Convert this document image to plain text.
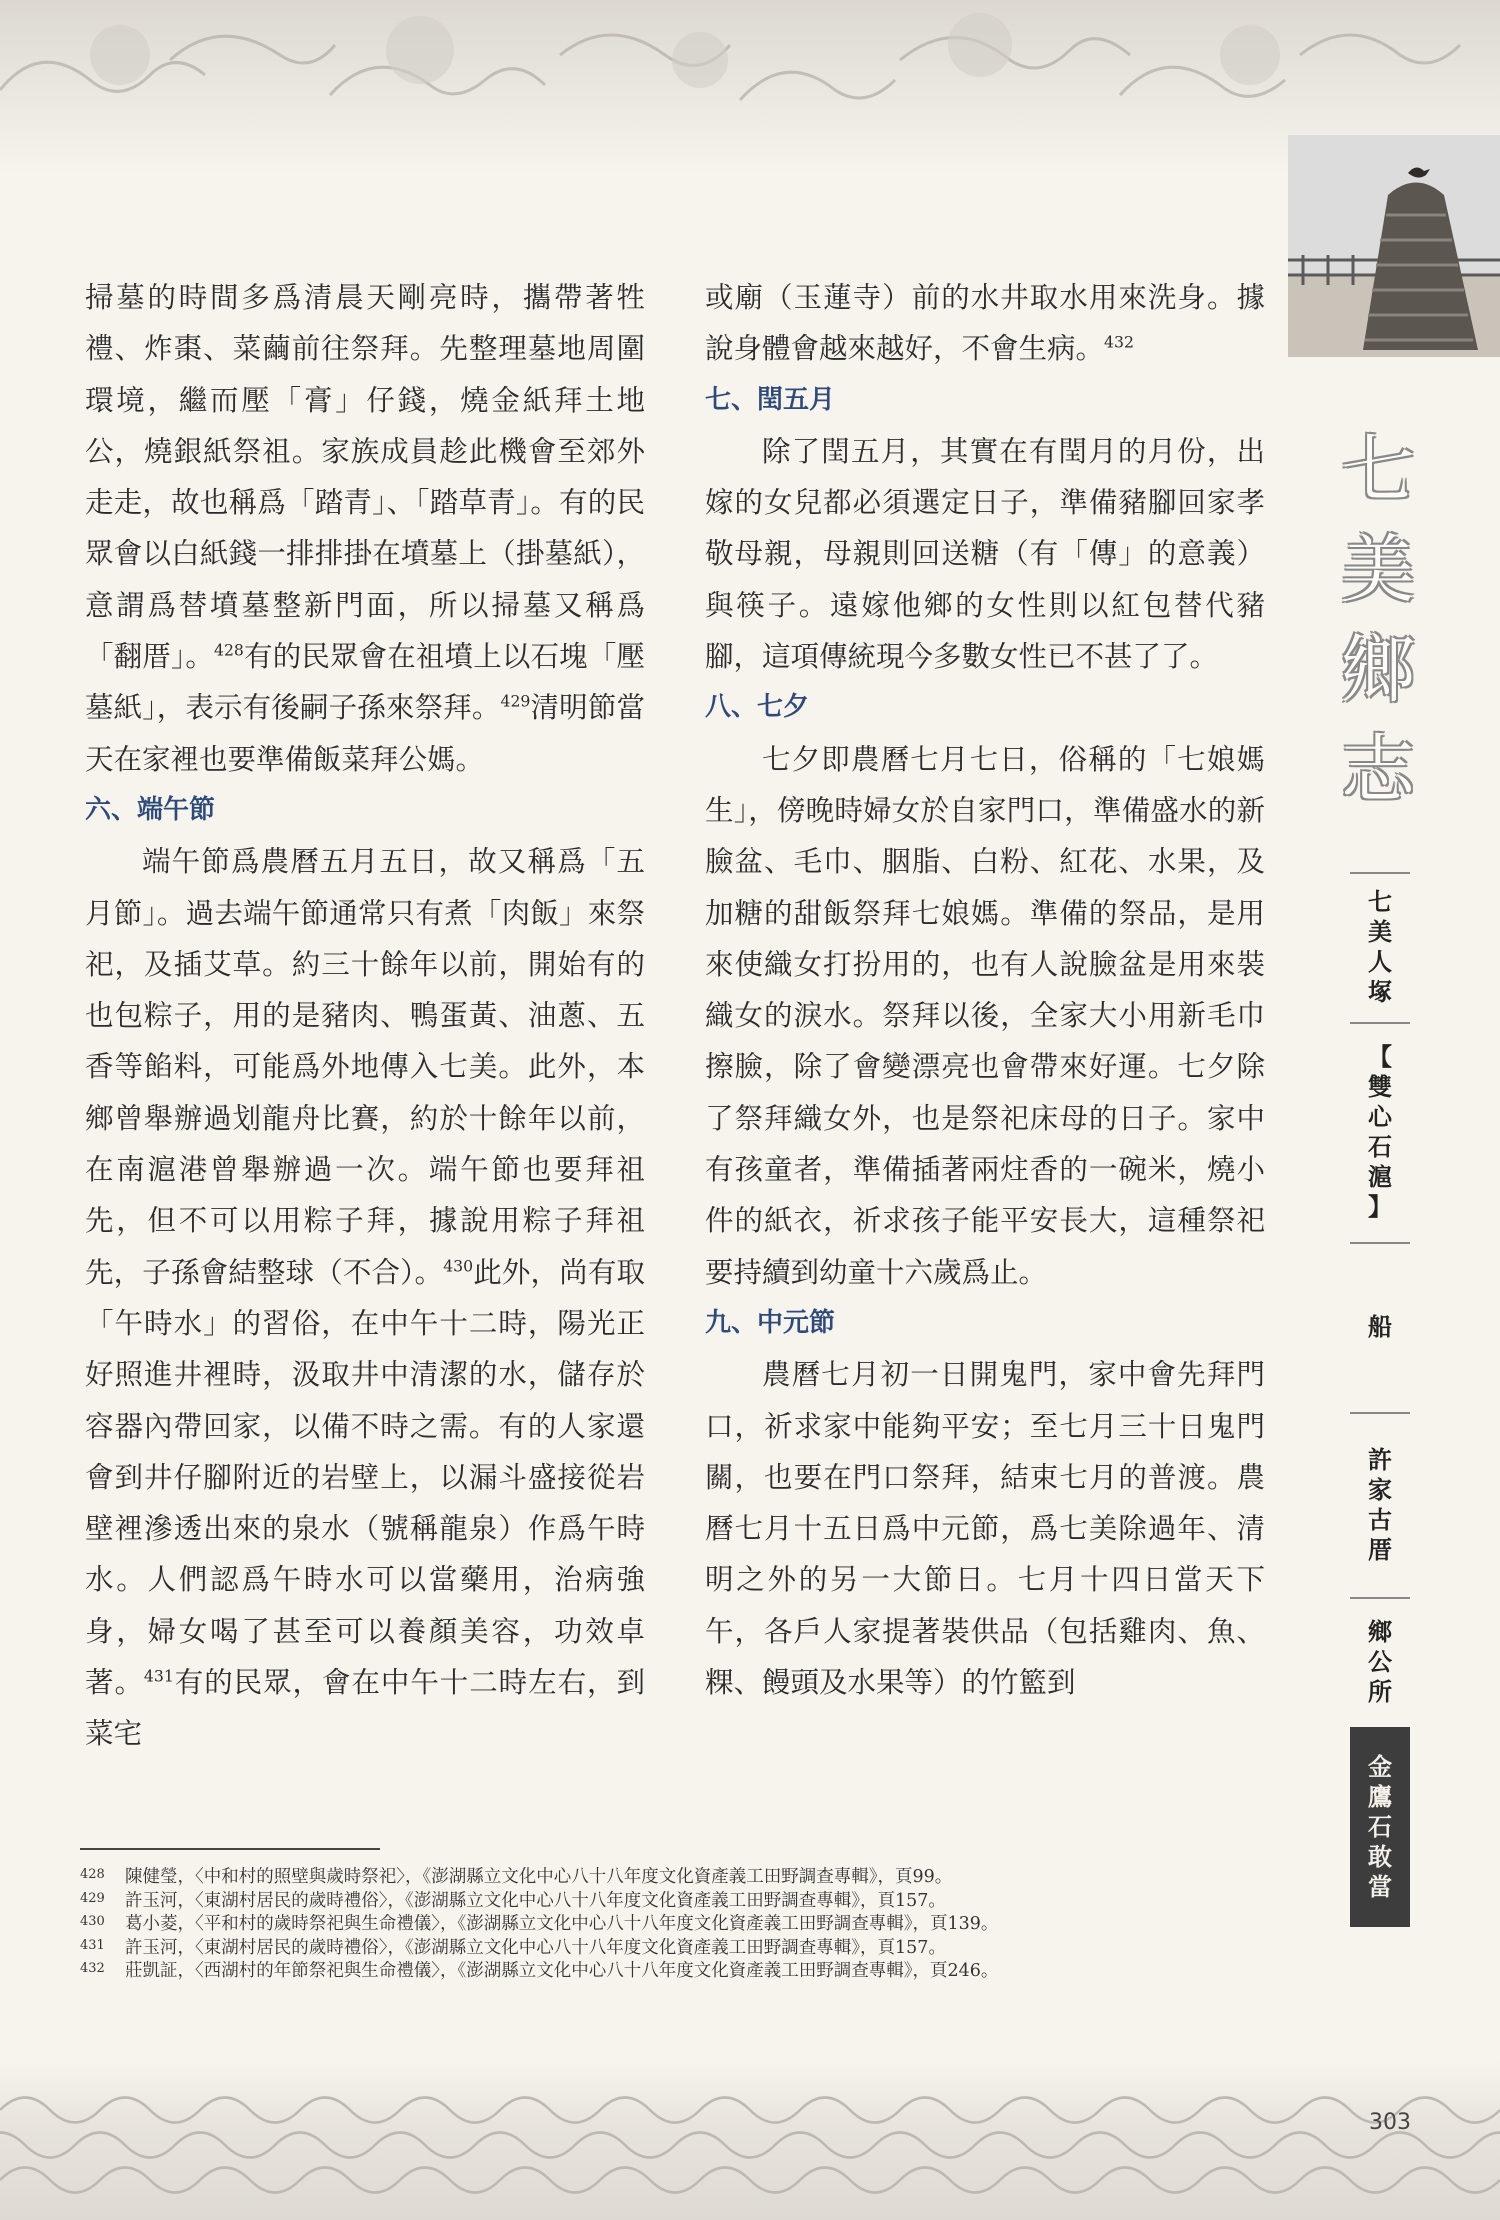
掃墓的時間多爲清晨天剛亮時，攜帶著牲禮、炸棗、菜繭前往祭拜。先整理墓地周圍環境，繼而壓「膏」仔錢，燒金紙拜土地公，燒銀紙祭祖。家族成員趁此機會至郊外走走，故也稱爲「踏青」、「踏草青」。有的民眾會以白紙錢一排排掛在墳墓上（掛墓紙），意謂爲替墳墓整新門面，所以掃墓又稱爲「翻厝」。$^{428}$有的民眾會在祖墳上以石塊「壓墓紙」，表示有後嗣子孫來祭拜。$^{429}$清明節當天在家裡也要準備飯菜拜公媽。

六、端午節

端午節爲農曆五月五日，故又稱爲「五月節」。過去端午節通常只有煮「肉飯」來祭祀，及插艾草。約三十餘年以前，開始有的也包粽子，用的是豬肉、鴨蛋黃、油蔥、五香等餡料，可能爲外地傳入七美。此外，本鄉曾舉辦過划龍舟比賽，約於十餘年以前，在南滬港曾舉辦過一次。端午節也要拜祖先，但不可以用粽子拜，據說用粽子拜祖先，子孫會結整球（不合）。$^{430}$此外，尚有取「午時水」的習俗，在中午十二時，陽光正好照進井裡時，汲取井中清潔的水，儲存於容器內帶回家，以備不時之需。有的人家還會到井仔腳附近的岩壁上，以漏斗盛接從岩壁裡滲透出來的泉水（號稱龍泉）作爲午時水。人們認爲午時水可以當藥用，治病強身，婦女喝了甚至可以養顏美容，功效卓著。$^{431}$有的民眾，會在中午十二時左右，到菜宅

或廟（玉蓮寺）前的水井取水用來洗身。據說身體會越來越好，不會生病。$^{432}$

七、閏五月

除了閏五月，其實在有閏月的月份，出嫁的女兒都必須選定日子，準備豬腳回家孝敬母親，母親則回送糖（有「傳」的意義）與筷子。遠嫁他鄉的女性則以紅包替代豬腳，這項傳統現今多數女性已不甚了了。

八、七夕

七夕即農曆七月七日，俗稱的「七娘媽生」，傍晚時婦女於自家門口，準備盛水的新臉盆、毛巾、胭脂、白粉、紅花、水果，及加糖的甜飯祭拜七娘媽。準備的祭品，是用來使織女打扮用的，也有人說臉盆是用來裝織女的淚水。祭拜以後，全家大小用新毛巾擦臉，除了會變漂亮也會帶來好運。七夕除了祭拜織女外，也是祭祀床母的日子。家中有孩童者，準備插著兩炷香的一碗米，燒小件的紙衣，祈求孩子能平安長大，這種祭祀要持續到幼童十六歲爲止。

九、中元節

農曆七月初一日開鬼門，家中會先拜門口，祈求家中能夠平安；至七月三十日鬼門關，也要在門口祭拜，結束七月的普渡。農曆七月十五日爲中元節，爲七美除過年、清明之外的另一大節日。七月十四日當天下午，各戶人家提著裝供品（包括雞肉、魚、粿、饅頭及水果等）的竹籃到

七
美
鄉
志
七
美
人
塚
【
雙
心
石
滬
】
船
許
家
古
厝
鄉
公
所
金
鷹
石
敢
當
428	陳健瑩，〈中和村的照壁與歲時祭祀〉，《澎湖縣立文化中心八十八年度文化資產義工田野調查專輯》，頁99。
429	許玉河，〈東湖村居民的歲時禮俗〉，《澎湖縣立文化中心八十八年度文化資產義工田野調查專輯》，頁157。
430	葛小菱，〈平和村的歲時祭祀與生命禮儀〉，《澎湖縣立文化中心八十八年度文化資產義工田野調查專輯》，頁139。
431	許玉河，〈東湖村居民的歲時禮俗〉，《澎湖縣立文化中心八十八年度文化資產義工田野調查專輯》，頁157。
432	莊凱証，〈西湖村的年節祭祀與生命禮儀〉，《澎湖縣立文化中心八十八年度文化資產義工田野調查專輯》，頁246。
303
